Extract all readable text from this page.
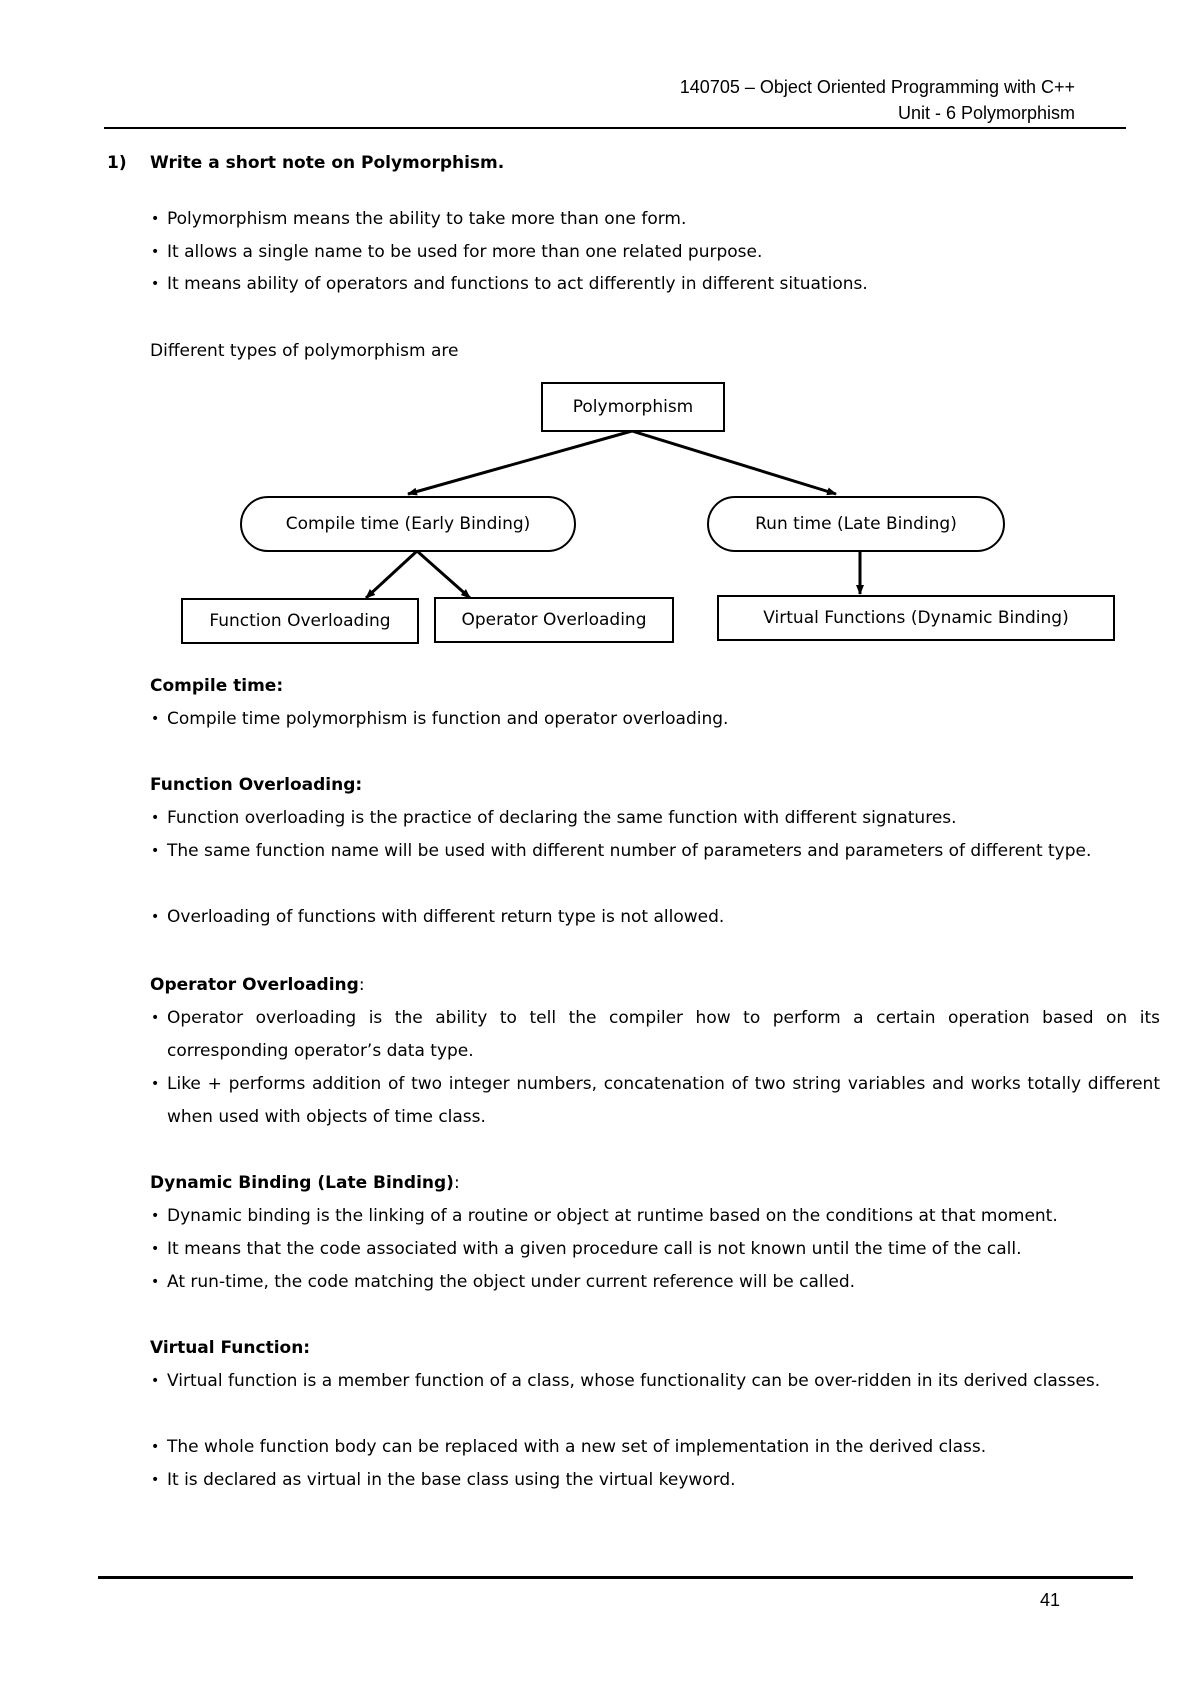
140705 – Object Oriented Programming with C++
Unit - 6 Polymorphism
1) Write a short note on Polymorphism.
• Polymorphism means the ability to take more than one form.
• It allows a single name to be used for more than one related purpose.
• It means ability of operators and functions to act differently in different situations.
Different types of polymorphism are
Polymorphism
Compile time (Early Binding)	Run time (Late Binding)
Function Overloading	Operator Overloading	Virtual Functions (Dynamic Binding)
Compile time:
• Compile time polymorphism is function and operator overloading.
Function Overloading:
• Function overloading is the practice of declaring the same function with different signatures.
• The same function name will be used with different number of parameters and parameters of different type.
• Overloading of functions with different return type is not allowed.
Operator Overloading:
• Operator overloading is the ability to tell the compiler how to perform a certain operation based on its corresponding operator’s data type.
• Like + performs addition of two integer numbers, concatenation of two string variables and works totally different when used with objects of time class.
Dynamic Binding (Late Binding):
• Dynamic binding is the linking of a routine or object at runtime based on the conditions at that moment.
• It means that the code associated with a given procedure call is not known until the time of the call.
• At run-time, the code matching the object under current reference will be called.
Virtual Function:
• Virtual function is a member function of a class, whose functionality can be over-ridden in its derived classes.
• The whole function body can be replaced with a new set of implementation in the derived class.
• It is declared as virtual in the base class using the virtual keyword.
41
